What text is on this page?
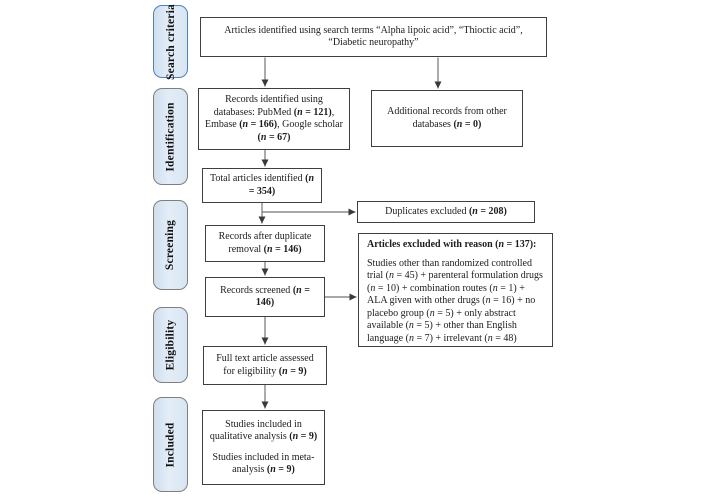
Search criteria
Identification
Screening
Eligibility
Included

Articles identified using search terms “Alpha lipoic acid”, “Thioctic acid”, “Diabetic neuropathy”

Records identified using databases: PubMed (n = 121), Embase (n = 166), Google scholar (n = 67)

Additional records from other databases (n = 0)

Total articles identified (n = 354)

Duplicates excluded (n = 208)

Records after duplicate removal (n = 146)

Records screened (n = 146)

Articles excluded with reason (n = 137):

Studies other than randomized controlled trial (n = 45) + parenteral formulation drugs (n = 10) + combination routes (n = 1) + ALA given with other drugs (n = 16) + no placebo group (n = 5) + only abstract available (n = 5) + other than English language (n = 7) + irrelevant (n = 48)

Full text article assessed for eligibility (n = 9)

Studies included in qualitative analysis (n = 9)

Studies included in meta-analysis (n = 9)
